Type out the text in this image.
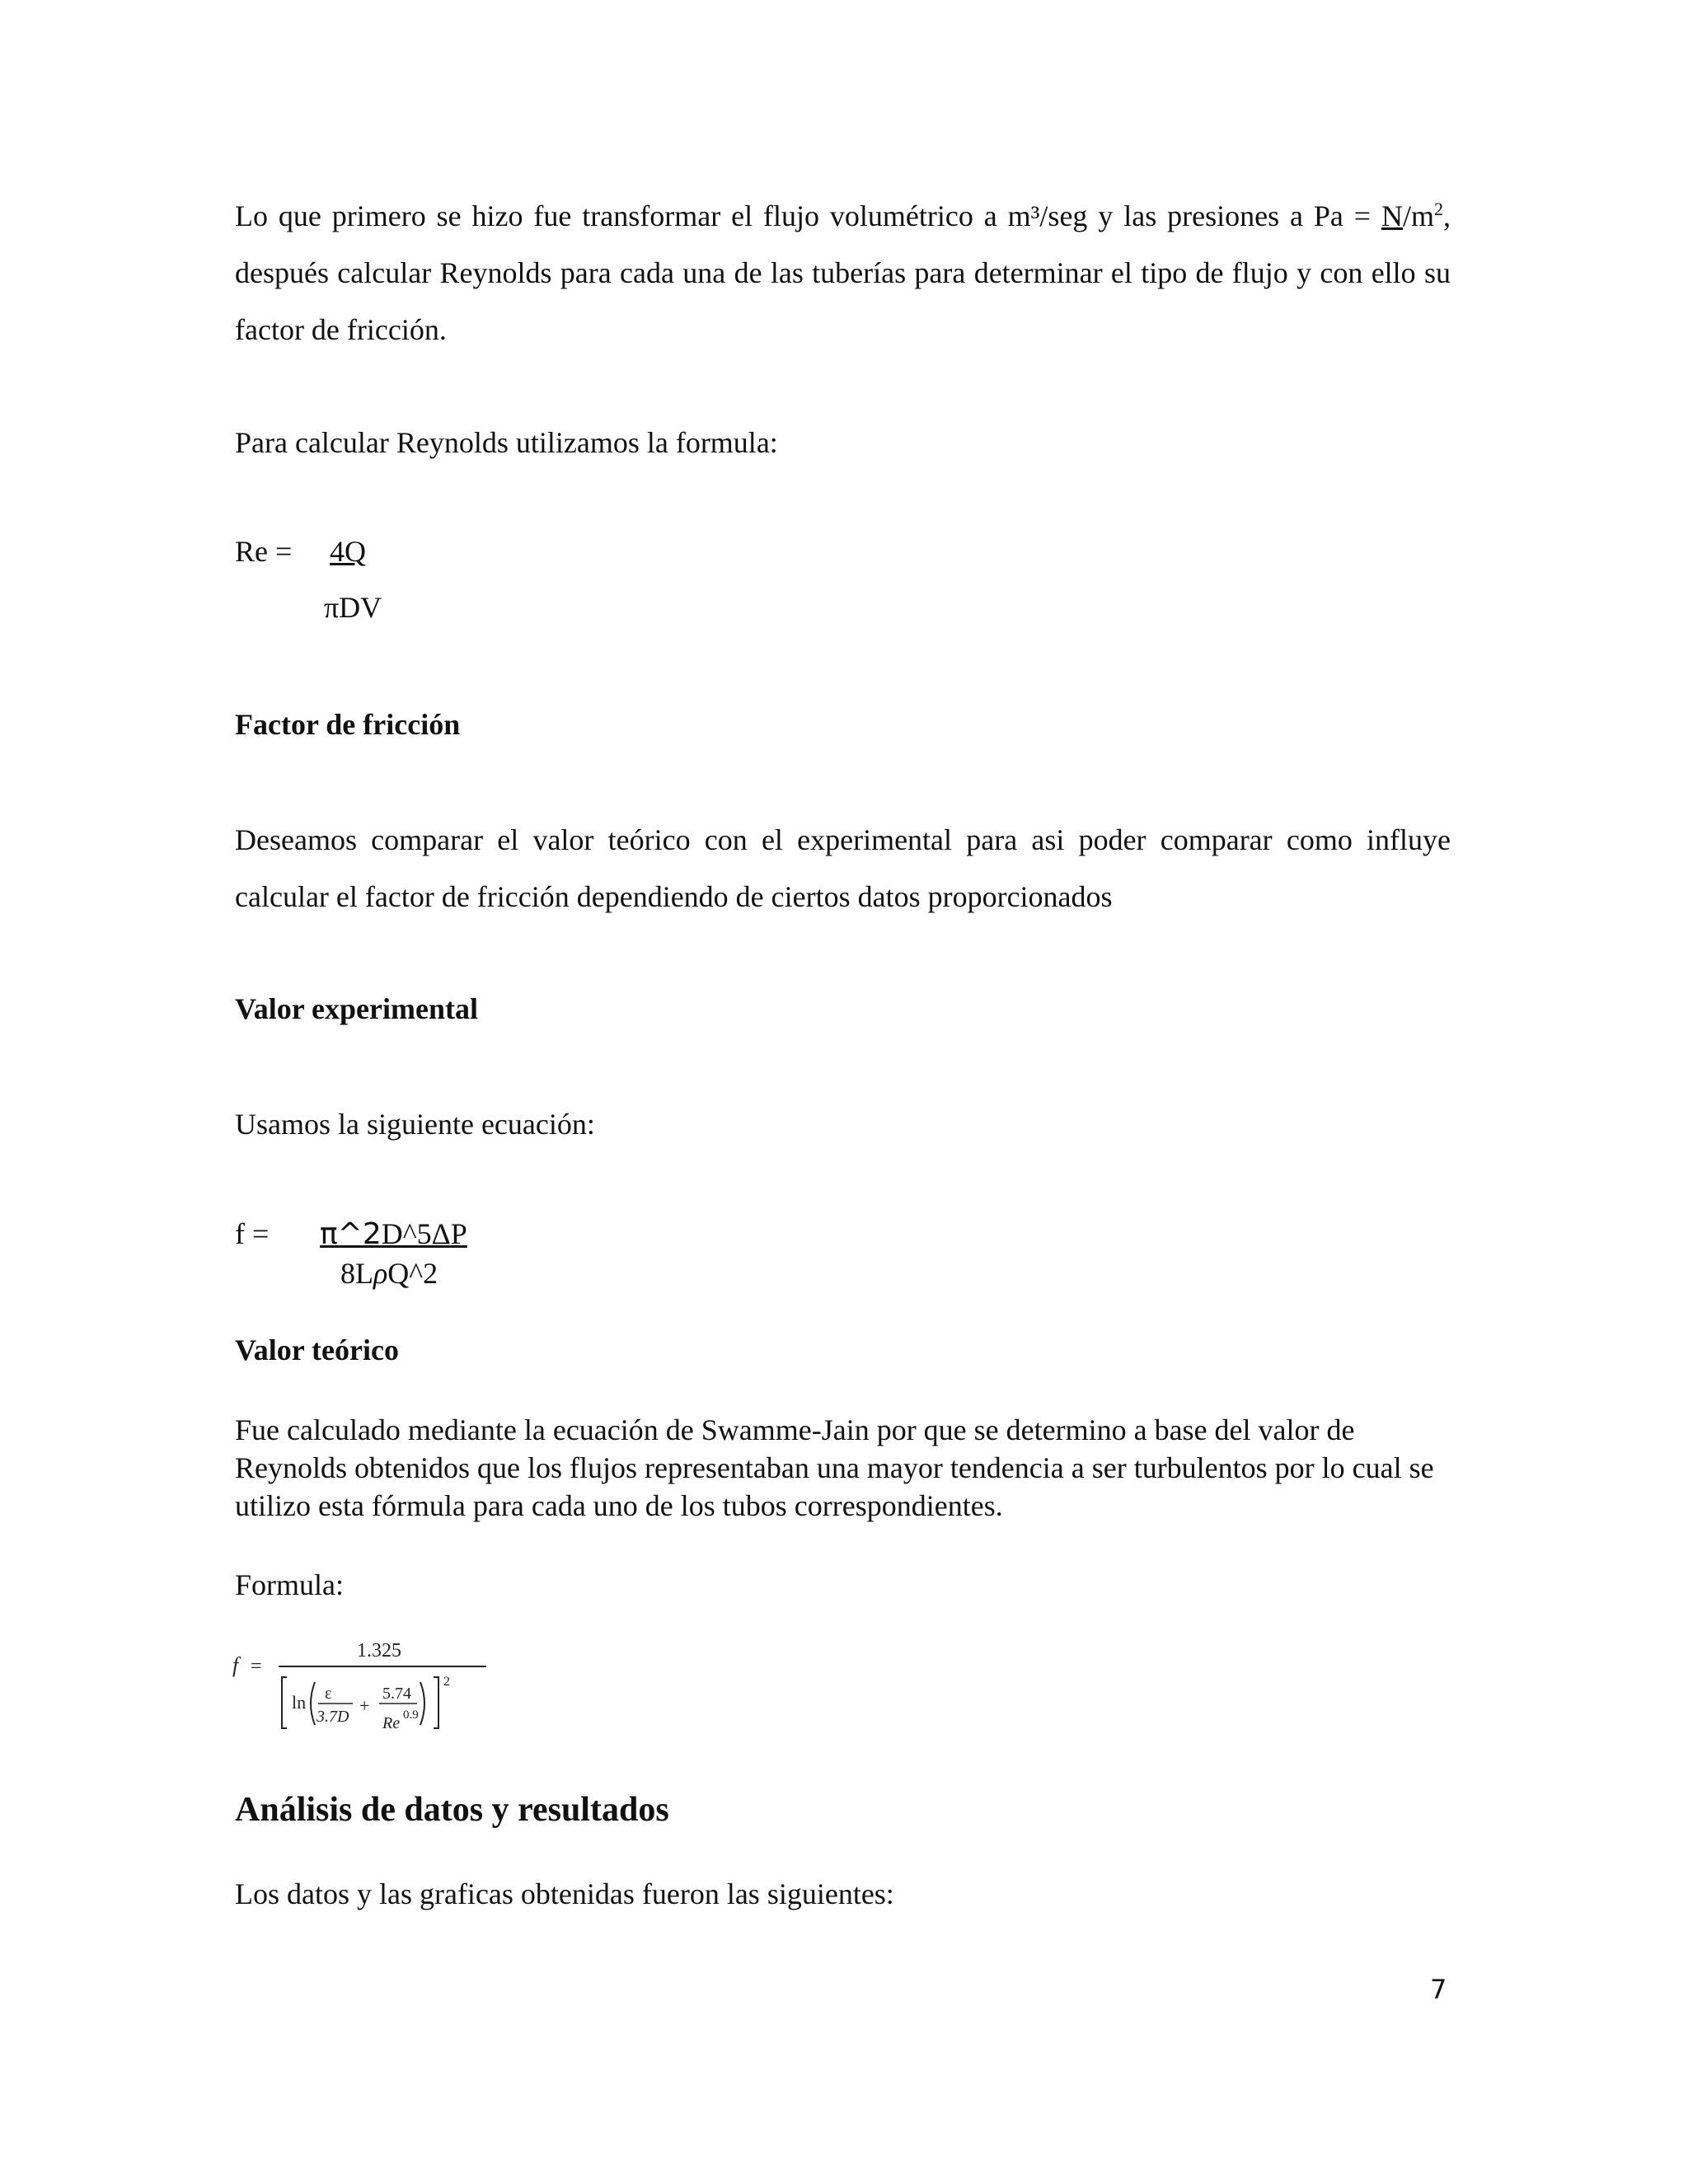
Lo que primero se hizo fue transformar el flujo volumétrico a m³/seg y las presiones a $Pa = N/m^2$, después calcular Reynolds para cada una de las tuberías para determinar el tipo de flujo y con ello su factor de fricción.

Para calcular Reynolds utilizamos la formula:

Re = 4Q
πDV
Factor de fricción

Deseamos comparar el valor teórico con el experimental para asi poder comparar como influye calcular el factor de fricción dependiendo de ciertos datos proporcionados

Valor experimental

Usamos la siguiente ecuación:

f = π^2D^5ΔP
8LρQ^2
Valor teórico

Fue calculado mediante la ecuación de Swamme-Jain por que se determino a base del valor de Reynolds obtenidos que los flujos representaban una mayor tendencia a ser turbulentos por lo cual se utilizo esta fórmula para cada uno de los tubos correspondientes.

Formula:

f =
1.325
ln ε
3.7D
+
5.74
Re 0.9
2
Análisis de datos y resultados

Los datos y las graficas obtenidas fueron las siguientes:

7
